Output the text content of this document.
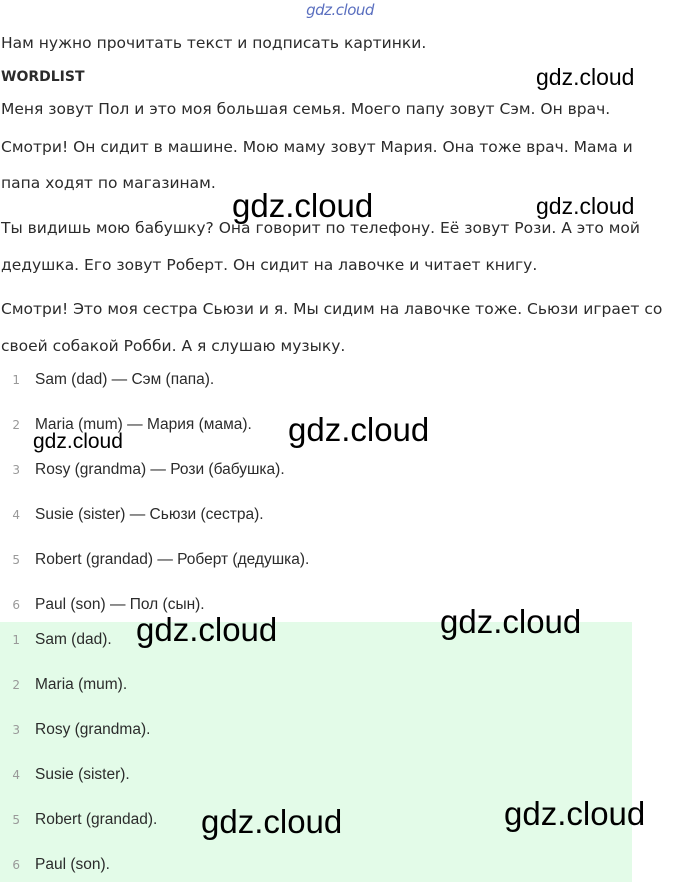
gdz.cloud
Нам нужно прочитать текст и подписать картинки.
WORDLIST
Меня зовут Пол и это моя большая семья. Моего папу зовут Сэм. Он врач.
Смотри! Он сидит в машине. Мою маму зовут Мария. Она тоже врач. Мама и
папа ходят по магазинам.
Ты видишь мою бабушку? Она говорит по телефону. Её зовут Рози. А это мой
дедушка. Его зовут Роберт. Он сидит на лавочке и читает книгу.
Смотри! Это моя сестра Сьюзи и я. Мы сидим на лавочке тоже. Сьюзи играет со
своей собакой Робби. А я слушаю музыку.
1 Sam (dad) — Сэм (папа).
2 Maria (mum) — Мария (мама).
3 Rosy (grandma) — Рози (бабушка).
4 Susie (sister) — Сьюзи (сестра).
5 Robert (grandad) — Роберт (дедушка).
6 Paul (son) — Пол (сын).
1 Sam (dad).
2 Maria (mum).
3 Rosy (grandma).
4 Susie (sister).
5 Robert (grandad).
6 Paul (son).
gdz.cloud
gdz.cloud	gdz.cloud
gdz.cloud
gdz.cloud
gdz.cloud	gdz.cloud
gdz.cloud	gdz.cloud
